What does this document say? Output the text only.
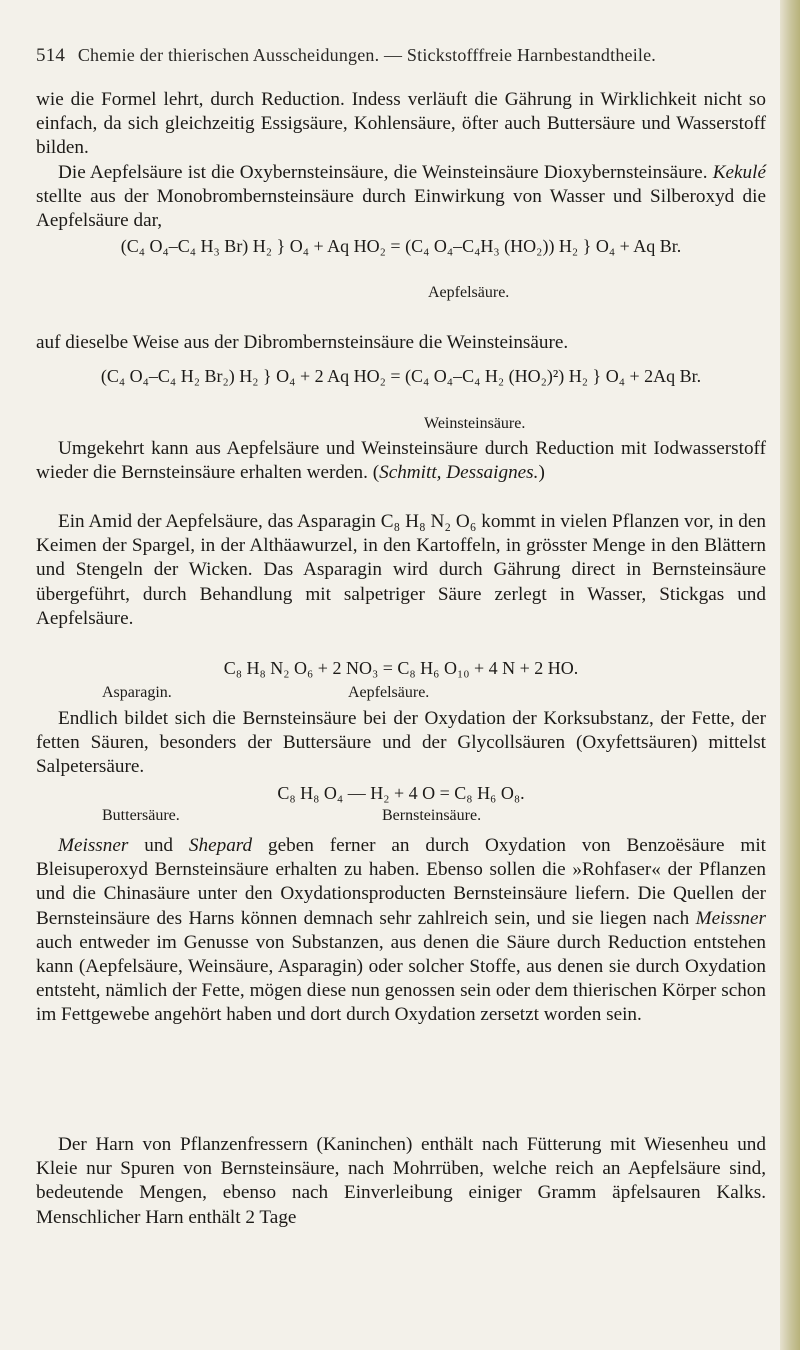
514 Chemie der thierischen Ausscheidungen. — Stickstofffreie Harnbestandtheile.

wie die Formel lehrt, durch Reduction. Indess verläuft die Gährung in Wirklichkeit nicht so einfach, da sich gleichzeitig Essigsäure, Kohlensäure, öfter auch Buttersäure und Wasserstoff bilden.

Die Aepfelsäure ist die Oxybernsteinsäure, die Weinsteinsäure Dioxybernsteinsäure. Kekulé stellte aus der Monobrombernsteinsäure durch Einwirkung von Wasser und Silberoxyd die Aepfelsäure dar,

(C₄ O₄–C₄ H₃ Br) H₂ } O₄ + Aq HO₂ = (C₄ O₄–C₄H₃ (HO₂)) H₂ } O₄ + Aq Br.
Aepfelsäure.

auf dieselbe Weise aus der Dibrombernsteinsäure die Weinsteinsäure.

(C₄ O₄–C₄ H₂ Br₂) H₂ } O₄ + 2 Aq HO₂ = (C₄ O₄–C₄ H₂ (HO₂)²) H₂ } O₄ + 2Aq Br.
Weinsteinsäure.

Umgekehrt kann aus Aepfelsäure und Weinsteinsäure durch Reduction mit Iodwasserstoff wieder die Bernsteinsäure erhalten werden. (Schmitt, Dessaignes.)

Ein Amid der Aepfelsäure, das Asparagin C₈ H₈ N₂ O₆ kommt in vielen Pflanzen vor, in den Keimen der Spargel, in der Althäawurzel, in den Kartoffeln, in grösster Menge in den Blättern und Stengeln der Wicken. Das Asparagin wird durch Gährung direct in Bernsteinsäure übergeführt, durch Behandlung mit salpetriger Säure zerlegt in Wasser, Stickgas und Aepfelsäure.

C₈ H₈ N₂ O₆ + 2 NO₃ = C₈ H₆ O₁₀ + 4 N + 2 HO.
Asparagin.	Aepfelsäure.

Endlich bildet sich die Bernsteinsäure bei der Oxydation der Korksubstanz, der Fette, der fetten Säuren, besonders der Buttersäure und der Glycollsäuren (Oxyfettsäuren) mittelst Salpetersäure.

C₈ H₈ O₄ — H₂ + 4 O = C₈ H₆ O₈.
Buttersäure.	Bernsteinsäure.

Meissner und Shepard geben ferner an durch Oxydation von Benzoësäure mit Bleisuperoxyd Bernsteinsäure erhalten zu haben. Ebenso sollen die »Rohfaser« der Pflanzen und die Chinasäure unter den Oxydationsproducten Bernsteinsäure liefern. Die Quellen der Bernsteinsäure des Harns können demnach sehr zahlreich sein, und sie liegen nach Meissner auch entweder im Genusse von Substanzen, aus denen die Säure durch Reduction entstehen kann (Aepfelsäure, Weinsäure, Asparagin) oder solcher Stoffe, aus denen sie durch Oxydation entsteht, nämlich der Fette, mögen diese nun genossen sein oder dem thierischen Körper schon im Fettgewebe angehört haben und dort durch Oxydation zersetzt worden sein.

Der Harn von Pflanzenfressern (Kaninchen) enthält nach Fütterung mit Wiesenheu und Kleie nur Spuren von Bernsteinsäure, nach Mohrrüben, welche reich an Aepfelsäure sind, bedeutende Mengen, ebenso nach Einverleibung einiger Gramm äpfelsauren Kalks. Menschlicher Harn enthält 2 Tage
